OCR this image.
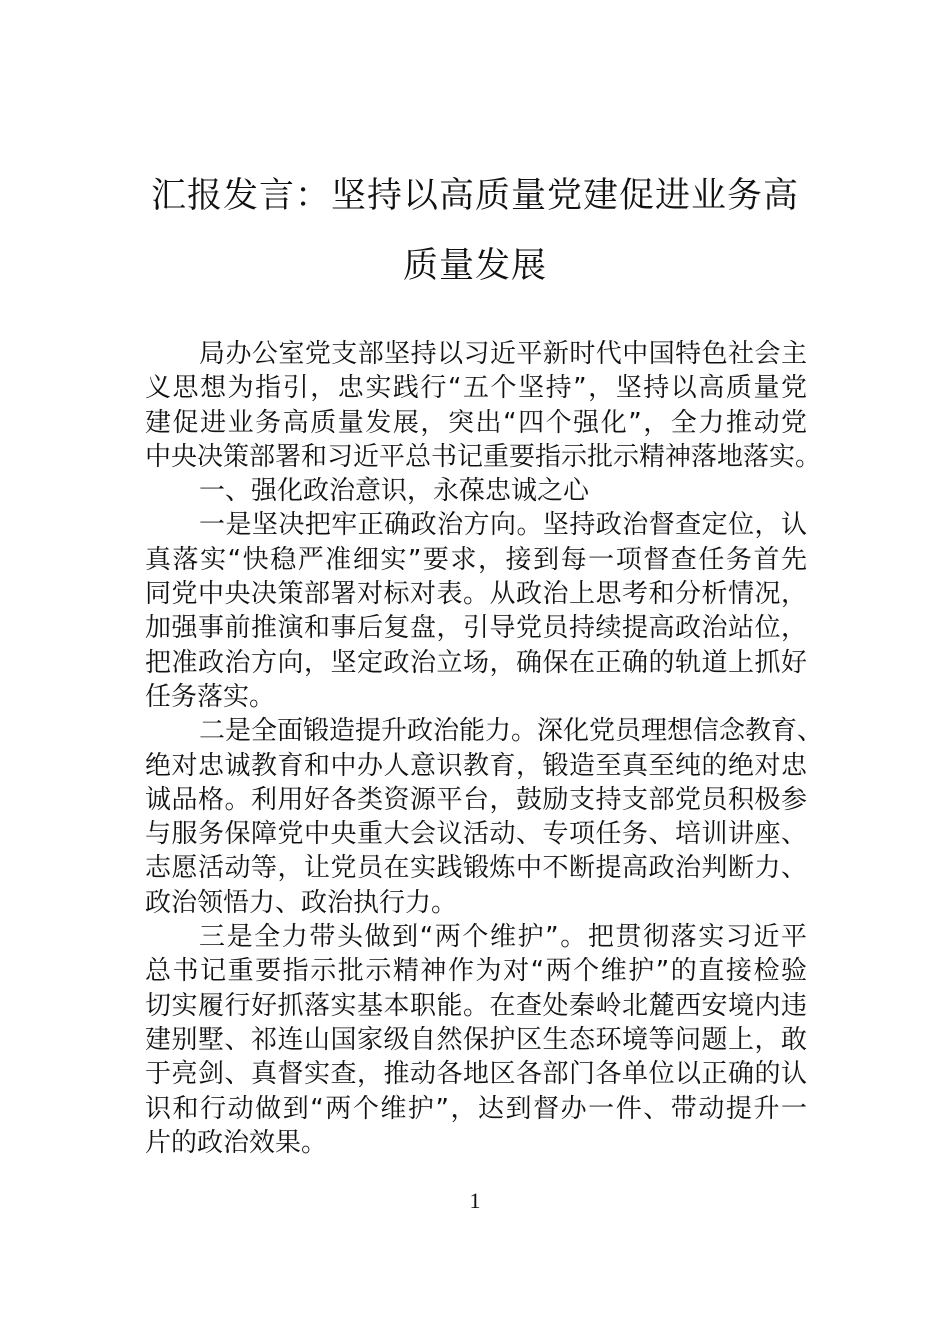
汇报发言：坚持以高质量党建促进业务高
质量发展
局办公室党支部坚持以习近平新时代中国特色社会主
义思想为指引，忠实践行“五个坚持”，坚持以高质量党
建促进业务高质量发展，突出“四个强化”，全力推动党
中央决策部署和习近平总书记重要指示批示精神落地落实。
一、强化政治意识，永葆忠诚之心
一是坚决把牢正确政治方向。坚持政治督查定位，认
真落实“快稳严准细实”要求，接到每一项督查任务首先
同党中央决策部署对标对表。从政治上思考和分析情况，
加强事前推演和事后复盘，引导党员持续提高政治站位，
把准政治方向，坚定政治立场，确保在正确的轨道上抓好
任务落实。
二是全面锻造提升政治能力。深化党员理想信念教育、
绝对忠诚教育和中办人意识教育，锻造至真至纯的绝对忠
诚品格。利用好各类资源平台，鼓励支持支部党员积极参
与服务保障党中央重大会议活动、专项任务、培训讲座、
志愿活动等，让党员在实践锻炼中不断提高政治判断力、
政治领悟力、政治执行力。
三是全力带头做到“两个维护”。把贯彻落实习近平
总书记重要指示批示精神作为对“两个维护”的直接检验
切实履行好抓落实基本职能。在查处秦岭北麓西安境内违
建别墅、祁连山国家级自然保护区生态环境等问题上，敢
于亮剑、真督实查，推动各地区各部门各单位以正确的认
识和行动做到“两个维护”，达到督办一件、带动提升一
片的政治效果。
1
